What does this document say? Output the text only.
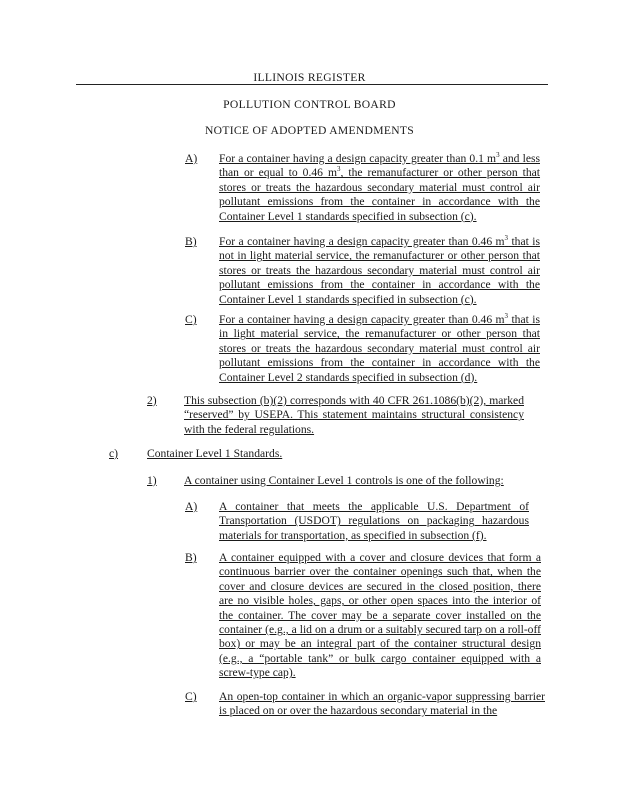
ILLINOIS REGISTER
POLLUTION CONTROL BOARD
NOTICE OF ADOPTED AMENDMENTS
A) For a container having a design capacity greater than 0.1 $m^3$ and less than or equal to 0.46 $m^3$, the remanufacturer or other person that stores or treats the hazardous secondary material must control air pollutant emissions from the container in accordance with the Container Level 1 standards specified in subsection (c).
B) For a container having a design capacity greater than 0.46 $m^3$ that is not in light material service, the remanufacturer or other person that stores or treats the hazardous secondary material must control air pollutant emissions from the container in accordance with the Container Level 1 standards specified in subsection (c).
C) For a container having a design capacity greater than 0.46 $m^3$ that is in light material service, the remanufacturer or other person that stores or treats the hazardous secondary material must control air pollutant emissions from the container in accordance with the Container Level 2 standards specified in subsection (d).
2) This subsection (b)(2) corresponds with 40 CFR 261.1086(b)(2), marked “reserved” by USEPA. This statement maintains structural consistency with the federal regulations.
c) Container Level 1 Standards.
1) A container using Container Level 1 controls is one of the following:
A) A container that meets the applicable U.S. Department of Transportation (USDOT) regulations on packaging hazardous materials for transportation, as specified in subsection (f).
B) A container equipped with a cover and closure devices that form a continuous barrier over the container openings such that, when the cover and closure devices are secured in the closed position, there are no visible holes, gaps, or other open spaces into the interior of the container. The cover may be a separate cover installed on the container (e.g., a lid on a drum or a suitably secured tarp on a roll-off box) or may be an integral part of the container structural design (e.g., a “portable tank” or bulk cargo container equipped with a screw-type cap).
C) An open-top container in which an organic-vapor suppressing barrier is placed on or over the hazardous secondary material in the
